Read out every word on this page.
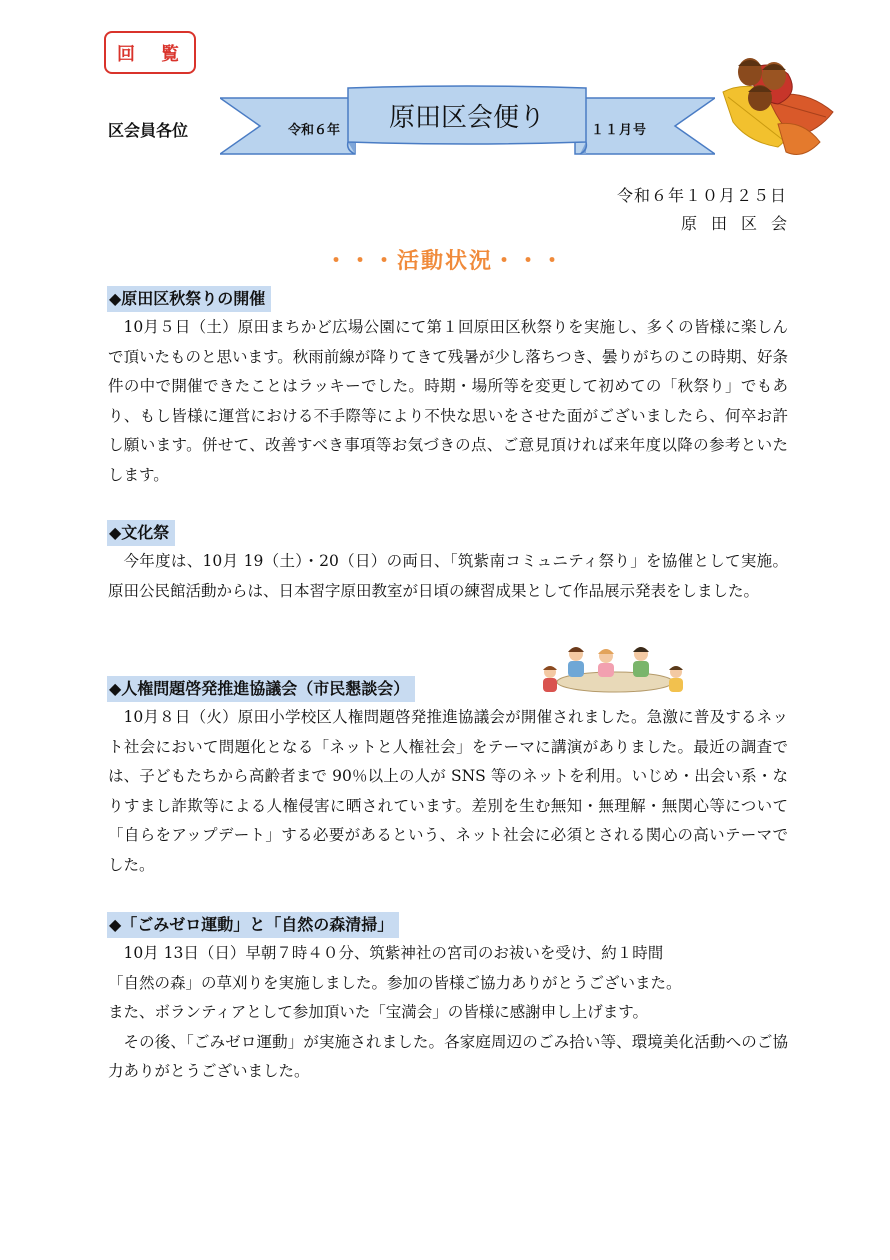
回　覧
区会員各位	令和６年	原田区会便り	１１月号
令和６年１０月２５日
原田区会
・・・活動状況・・・
◆原田区秋祭りの開催

10月５日（土）原田まちかど広場公園にて第１回原田区秋祭りを実施し、多くの皆様に楽しんで頂いたものと思います。秋雨前線が降りてきて残暑が少し落ちつき、曇りがちのこの時期、好条件の中で開催できたことはラッキーでした。時期・場所等を変更して初めての「秋祭り」でもあり、もし皆様に運営における不手際等により不快な思いをさせた面がございましたら、何卒お許し願います。併せて、改善すべき事項等お気づきの点、ご意見頂ければ来年度以降の参考といたします。

◆文化祭

今年度は、10月 19（土）・20（日）の両日、「筑紫南コミュニティ祭り」を協催として実施。原田公民館活動からは、日本習字原田教室が日頃の練習成果として作品展示発表をしました。

◆人権問題啓発推進協議会（市民懇談会）

10月８日（火）原田小学校区人権問題啓発推進協議会が開催されました。急激に普及するネット社会において問題化となる「ネットと人権社会」をテーマに講演がありました。最近の調査では、子どもたちから高齢者まで 90％以上の人が SNS 等のネットを利用。いじめ・出会い系・なりすまし詐欺等による人権侵害に晒されています。差別を生む無知・無理解・無関心等について「自らをアップデート」する必要があるという、ネット社会に必須とされる関心の高いテーマでした。

◆「ごみゼロ運動」と「自然の森清掃」

10月 13日（日）早朝７時４０分、筑紫神社の宮司のお祓いを受け、約１時間

「自然の森」の草刈りを実施しました。参加の皆様ご協力ありがとうございまた。

また、ボランティアとして参加頂いた「宝満会」の皆様に感謝申し上げます。

その後、「ごみゼロ運動」が実施されました。各家庭周辺のごみ拾い等、環境美化活動へのご協力ありがとうございました。
